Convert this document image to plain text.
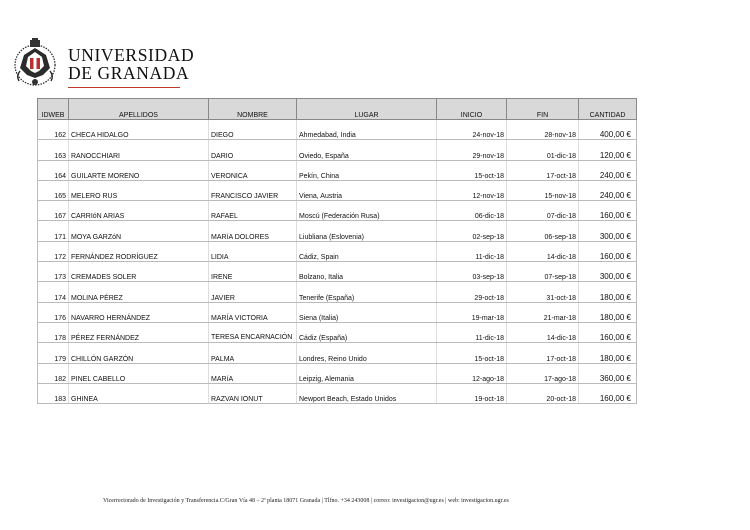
UNIVERSIDAD
DE GRANADA
IDWEB	APELLIDOS	NOMBRE	LUGAR	INICIO	FIN	CANTIDAD
162	CHECA HIDALGO	DIEGO	Ahmedabad, India	24-nov-18	28-nov-18	400,00 €
163	RANOCCHIARI	DARIO	Oviedo, España	29-nov-18	01-dic-18	120,00 €
164	GUILARTE MORENO	VERONICA	Pekín, China	15-oct-18	17-oct-18	240,00 €
165	MELERO RUS	FRANCISCO JAVIER	Viena, Austria	12-nov-18	15-nov-18	240,00 €
167	CARRIóN ARIAS	RAFAEL	Moscú (Federación Rusa)	06-dic-18	07-dic-18	160,00 €
171	MOYA GARZóN	MARíA DOLORES	Liubliana (Eslovenia)	02-sep-18	06-sep-18	300,00 €
172	FERNÁNDEZ RODRÍGUEZ	LIDIA	Cádiz, Spain	11-dic-18	14-dic-18	160,00 €
173	CREMADES SOLER	IRENE	Bolzano, Italia	03-sep-18	07-sep-18	300,00 €
174	MOLINA PÉREZ	JAVIER	Tenerife (España)	29-oct-18	31-oct-18	180,00 €
176	NAVARRO HERNÁNDEZ	MARÍA VICTORIA	Siena (Italia)	19-mar-18	21-mar-18	180,00 €
178	PÉREZ FERNÁNDEZ	TERESA ENCARNACIÓN	Cádiz (España)	11-dic-18	14-dic-18	160,00 €
179	CHILLÓN GARZÓN	PALMA	Londres, Reino Unido	15-oct-18	17-oct-18	180,00 €
182	PINEL CABELLO	MARíA	Leipzig, Alemania	12-ago-18	17-ago-18	360,00 €
183	GHINEA	RAZVAN IONUT	Newport Beach, Estado Unidos	19-oct-18	20-oct-18	160,00 €
Vicerrectorado de Investigación y Transferencia.C/Gran Vía 48 – 2ª planta 18071 Granada | Tlfno. +34 243008 | correo: investigacion@ugr.es | web: investigacion.ugr.es
